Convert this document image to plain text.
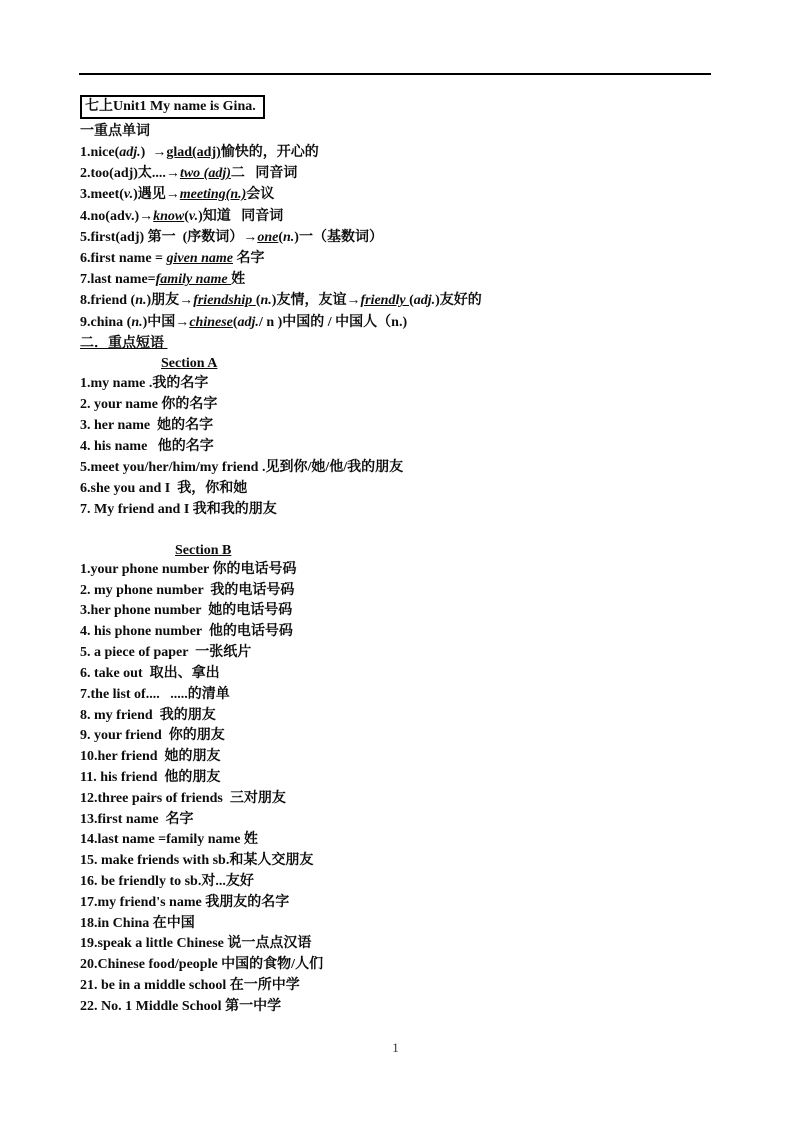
七上Unit1 My name is Gina.
一重点单词
1.nice(adj.)  →glad(adj)愉快的，开心的
2.too(adj)太....→two (adj)二   同音词
3.meet(v.)遇见→meeting(n.)会议
4.no(adv.)→know(v.)知道   同音词
5.first(adj) 第一  (序数词）→one(n.)一（基数词）
6.first name = given name 名字
7.last name=family name 姓
8.friend (n.)朋友→friendship (n.)友情，友谊→friendly (adj.)友好的
9.china (n.)中国→chinese(adj./ n )中国的 / 中国人（n.)
二．重点短语
Section A
1.my name .我的名字
2. your name 你的名字
3. her name  她的名字
4. his name   他的名字
5.meet you/her/him/my friend .见到你/她/他/我的朋友
6.she you and I  我，你和她
7. My friend and I 我和我的朋友
Section B
1.your phone number 你的电话号码
2. my phone number  我的电话号码
3.her phone number  她的电话号码
4. his phone number  他的电话号码
5. a piece of paper  一张纸片
6. take out  取出、拿出
7.the list of....   .....的清单
8. my friend  我的朋友
9. your friend  你的朋友
10.her friend  她的朋友
11. his friend  他的朋友
12.three pairs of friends  三对朋友
13.first name  名字
14.last name =family name 姓
15. make friends with sb.和某人交朋友
16. be friendly to sb.对...友好
17.my friend's name 我朋友的名字
18.in China 在中国
19.speak a little Chinese 说一点点汉语
20.Chinese food/people 中国的食物/人们
21. be in a middle school 在一所中学
22. No. 1 Middle School 第一中学
1
